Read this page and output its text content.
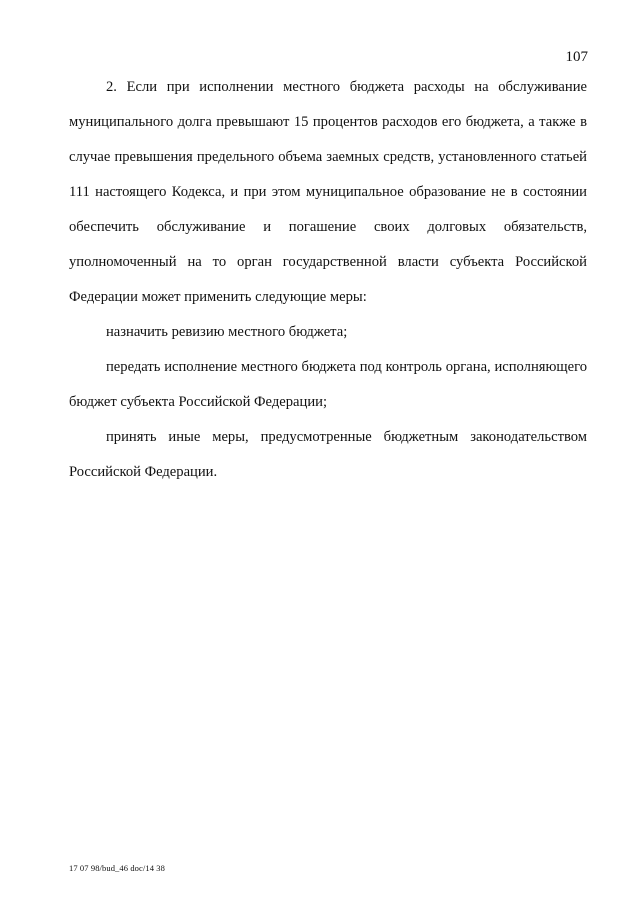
107

2. Если при исполнении местного бюджета расходы на обслуживание муниципального долга превышают 15 процентов расходов его бюджета, а также в случае превышения предельного объема заемных средств, установленного статьей 111 настоящего Кодекса, и при этом муниципальное образование не в состоянии обеспечить обслуживание и погашение своих долговых обязательств, уполномоченный на то орган государственной власти субъекта Российской Федерации может применить следующие меры:

назначить ревизию местного бюджета;

передать исполнение местного бюджета под контроль органа, исполняющего бюджет субъекта Российской Федерации;

принять иные меры, предусмотренные бюджетным законодательством Российской Федерации.

17 07 98/bud_46 doc/14 38
